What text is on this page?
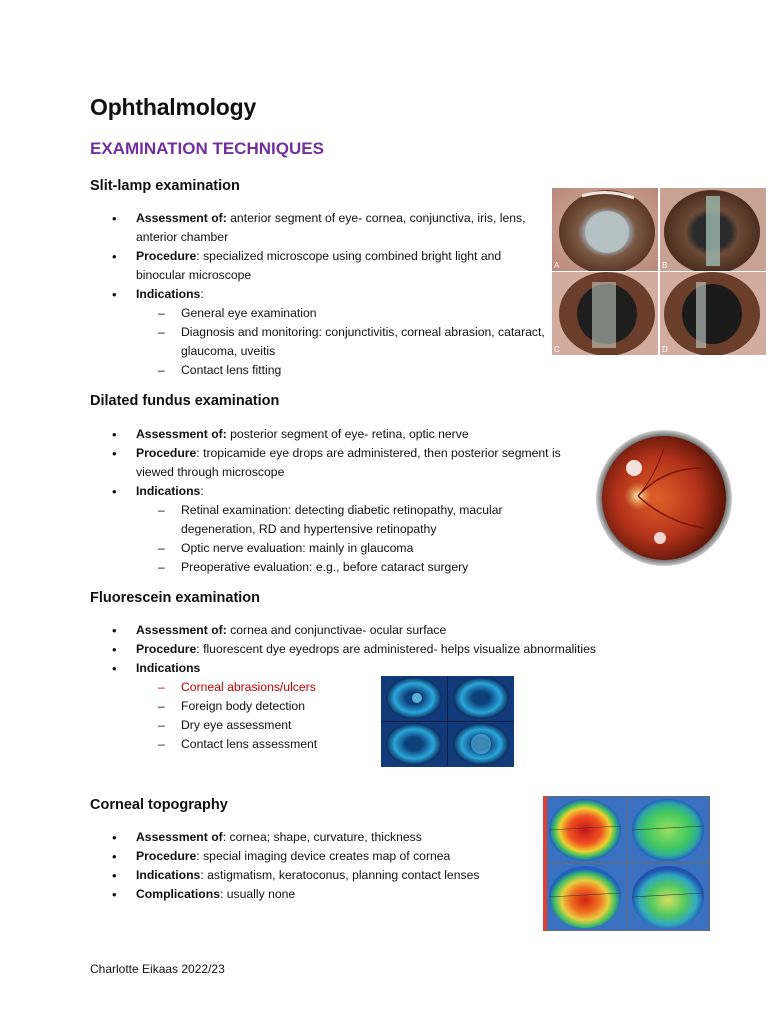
Ophthalmology
EXAMINATION TECHNIQUES
Slit-lamp examination
• Assessment of: anterior segment of eye- cornea, conjunctiva, iris, lens, anterior chamber
• Procedure: specialized microscope using combined bright light and binocular microscope
• Indications:
– General eye examination
– Diagnosis and monitoring: conjunctivitis, corneal abrasion, cataract, glaucoma, uveitis
– Contact lens fitting
A	B
C	D
Dilated fundus examination
• Assessment of: posterior segment of eye- retina, optic nerve
• Procedure: tropicamide eye drops are administered, then posterior segment is viewed through microscope
• Indications:
– Retinal examination: detecting diabetic retinopathy, macular degeneration, RD and hypertensive retinopathy
– Optic nerve evaluation: mainly in glaucoma
– Preoperative evaluation: e.g., before cataract surgery
Fluorescein examination
• Assessment of: cornea and conjunctivae- ocular surface
• Procedure: fluorescent dye eyedrops are administered- helps visualize abnormalities
• Indications
– Corneal abrasions/ulcers
– Foreign body detection
– Dry eye assessment
– Contact lens assessment
Corneal topography
• Assessment of: cornea; shape, curvature, thickness
• Procedure: special imaging device creates map of cornea
• Indications: astigmatism, keratoconus, planning contact lenses
• Complications: usually none
Charlotte Eikaas 2022/23
